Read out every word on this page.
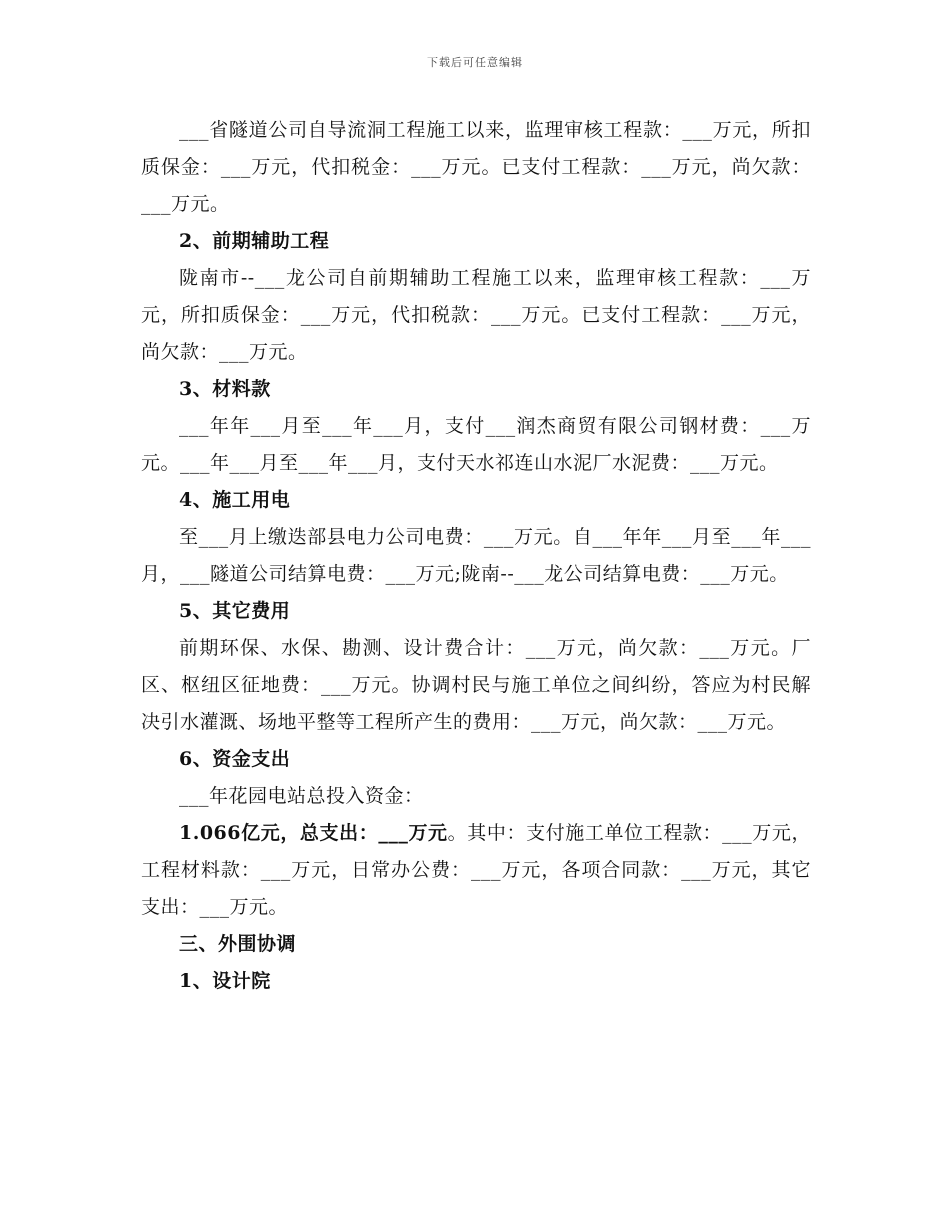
下载后可任意编辑

___省隧道公司自导流洞工程施工以来，监理审核工程款：___万元，所扣质保金：___万元，代扣税金：___万元。已支付工程款：___万元，尚欠款：___万元。

2、前期辅助工程

陇南市--___龙公司自前期辅助工程施工以来，监理审核工程款：___万元，所扣质保金：___万元，代扣税款：___万元。已支付工程款：___万元，尚欠款：___万元。

3、材料款

___年年___月至___年___月，支付___润杰商贸有限公司钢材费：___万元。___年___月至___年___月，支付天水祁连山水泥厂水泥费：___万元。

4、施工用电

至___月上缴迭部县电力公司电费：___万元。自___年年___月至___年___月，___隧道公司结算电费：___万元;陇南--___龙公司结算电费：___万元。

5、其它费用

前期环保、水保、勘测、设计费合计：___万元，尚欠款：___万元。厂区、枢纽区征地费：___万元。协调村民与施工单位之间纠纷，答应为村民解决引水灌溉、场地平整等工程所产生的费用：___万元，尚欠款：___万元。

6、资金支出

___年花园电站总投入资金：

1.066亿元，总支出：___万元。其中：支付施工单位工程款：___万元，工程材料款：___万元，日常办公费：___万元，各项合同款：___万元，其它支出：___万元。

三、外围协调

1、设计院
